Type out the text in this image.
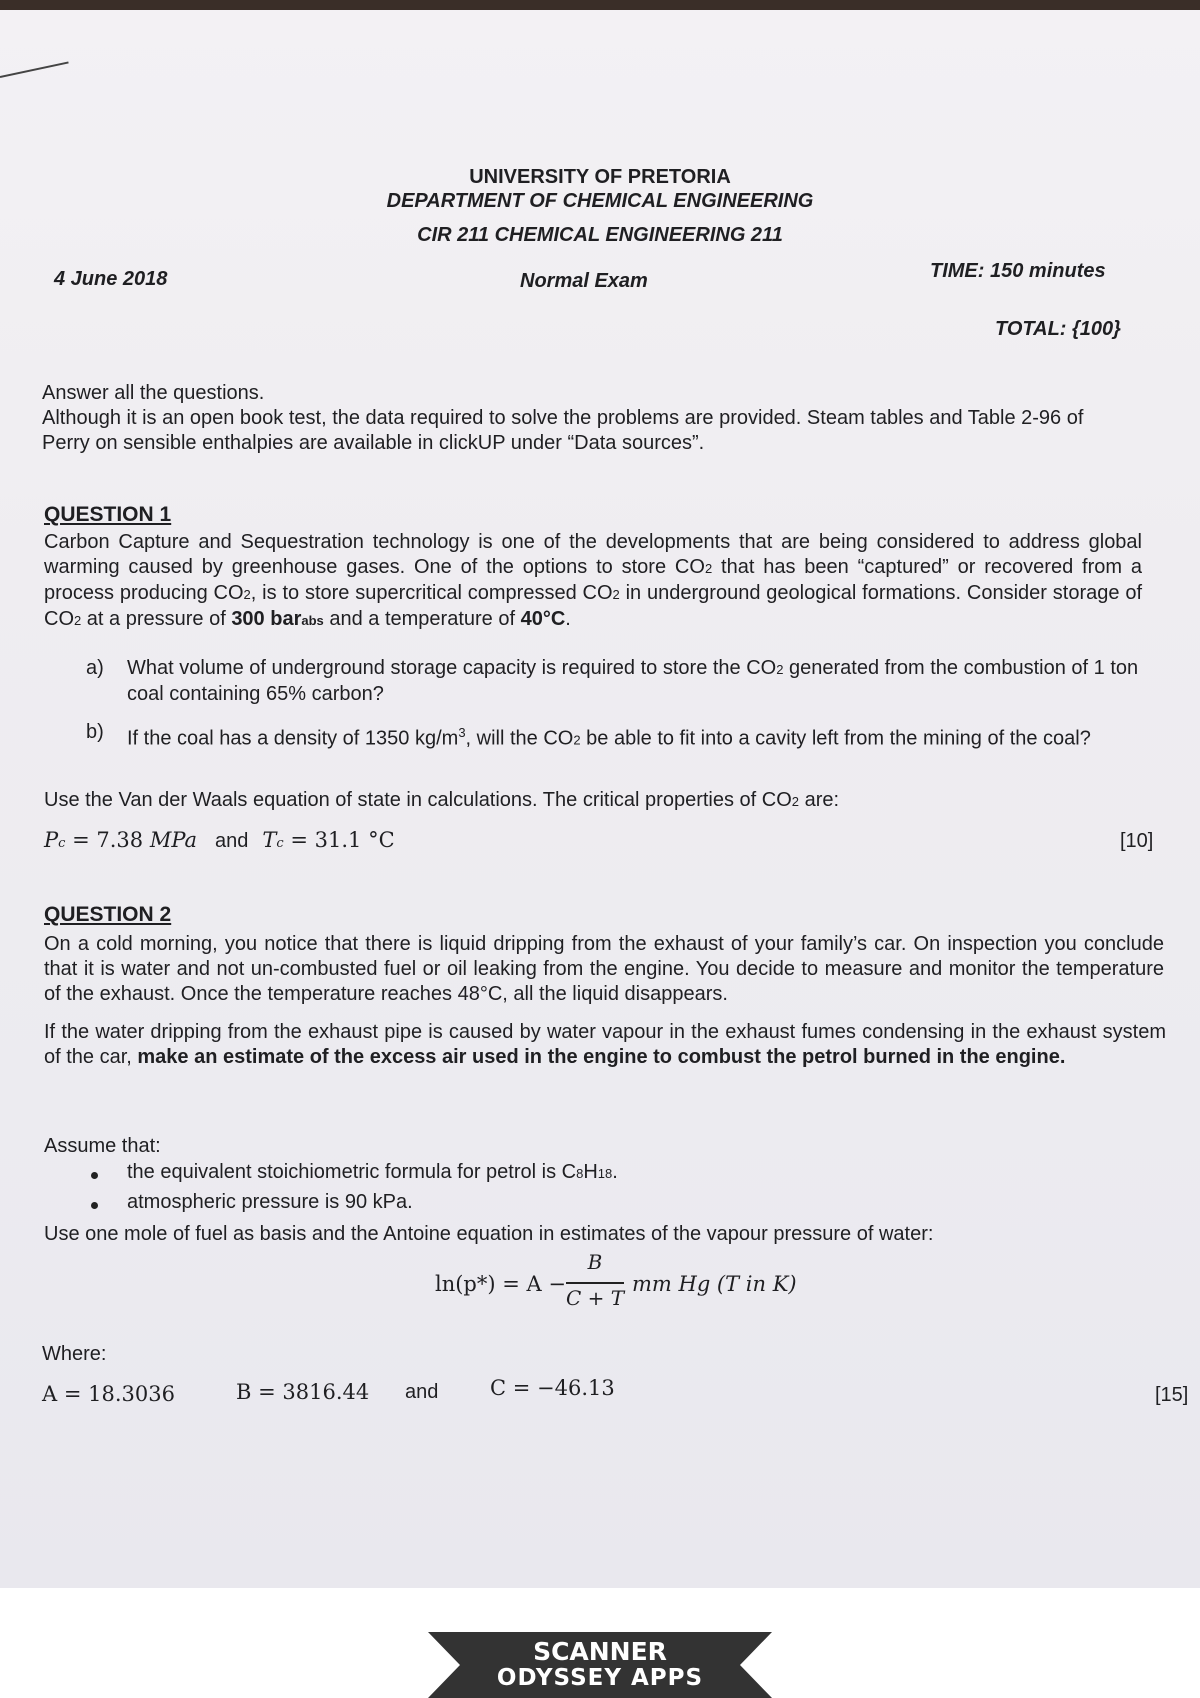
UNIVERSITY OF PRETORIA
DEPARTMENT OF CHEMICAL ENGINEERING
CIR 211 CHEMICAL ENGINEERING 211
4 June 2018	Normal Exam	TIME: 150 minutes
TOTAL: {100}
Answer all the questions.
Although it is an open book test, the data required to solve the problems are provided. Steam tables and Table 2-96 of Perry on sensible enthalpies are available in clickUP under “Data sources”.
QUESTION 1
Carbon Capture and Sequestration technology is one of the developments that are being considered to address global warming caused by greenhouse gases. One of the options to store CO2 that has been “captured” or recovered from a process producing CO2, is to store supercritical compressed CO2 in underground geological formations. Consider storage of CO2 at a pressure of 300 barabs and a temperature of 40°C.
a) What volume of underground storage capacity is required to store the CO2 generated from the combustion of 1 ton coal containing 65% carbon?
b) If the coal has a density of 1350 $kg/m^3$, will the CO2 be able to fit into a cavity left from the mining of the coal?
Use the Van der Waals equation of state in calculations. The critical properties of CO2 are:
Pc = 7.38 MPa and Tc = 31.1 °C	[10]
QUESTION 2
On a cold morning, you notice that there is liquid dripping from the exhaust of your family’s car. On inspection you conclude that it is water and not un-combusted fuel or oil leaking from the engine. You decide to measure and monitor the temperature of the exhaust. Once the temperature reaches 48°C, all the liquid disappears.
If the water dripping from the exhaust pipe is caused by water vapour in the exhaust fumes condensing in the exhaust system of the car, make an estimate of the excess air used in the engine to combust the petrol burned in the engine.
Assume that:
the equivalent stoichiometric formula for petrol is C8H18.
atmospheric pressure is 90 kPa.
Use one mole of fuel as basis and the Antoine equation in estimates of the vapour pressure of water:
ln(p*) = A −
B
C + T
mm Hg (T in K)
Where:
A = 18.3036	B = 3816.44 and C = −46.13	[15]
SCANNER
ODYSSEY APPS
